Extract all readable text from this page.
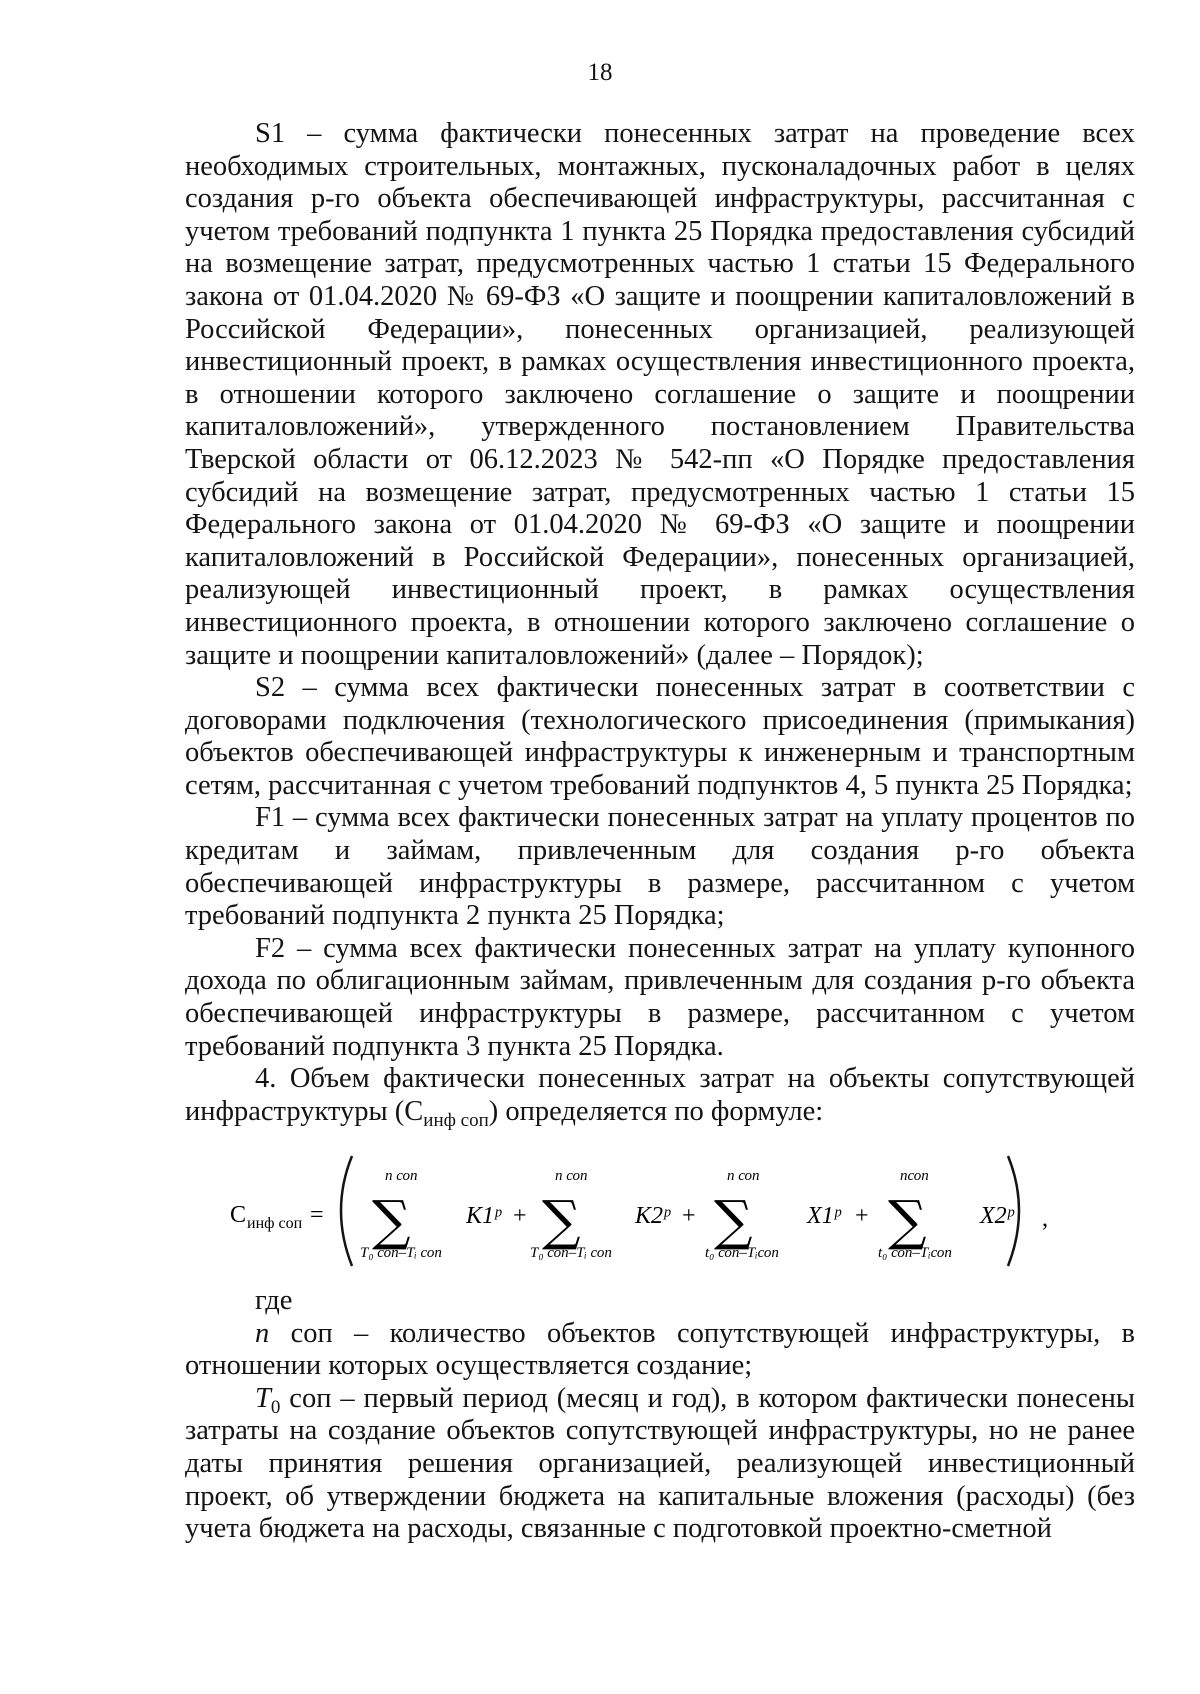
18

S1 – сумма фактически понесенных затрат на проведение всех необходимых строительных, монтажных, пусконаладочных работ в целях создания p-го объекта обеспечивающей инфраструктуры, рассчитанная с учетом требований подпункта 1 пункта 25 Порядка предоставления субсидий на возмещение затрат, предусмотренных частью 1 статьи 15 Федерального закона от 01.04.2020 № 69-ФЗ «О защите и поощрении капиталовложений в Российской Федерации», понесенных организацией, реализующей инвестиционный проект, в рамках осуществления инвестиционного проекта, в отношении которого заключено соглашение о защите и поощрении капиталовложений», утвержденного постановлением Правительства Тверской области от 06.12.2023 № 542-пп «О Порядке предоставления субсидий на возмещение затрат, предусмотренных частью 1 статьи 15 Федерального закона от 01.04.2020 № 69-ФЗ «О защите и поощрении капиталовложений в Российской Федерации», понесенных организацией, реализующей инвестиционный проект, в рамках осуществления инвестиционного проекта, в отношении которого заключено соглашение о защите и поощрении капиталовложений» (далее – Порядок);

S2 – сумма всех фактически понесенных затрат в соответствии с договорами подключения (технологического присоединения (примыкания) объектов обеспечивающей инфраструктуры к инженерным и транспортным сетям, рассчитанная с учетом требований подпунктов 4, 5 пункта 25 Порядка;

F1 – сумма всех фактически понесенных затрат на уплату процентов по кредитам и займам, привлеченным для создания p-го объекта обеспечивающей инфраструктуры в размере, рассчитанном с учетом требований подпункта 2 пункта 25 Порядка;

F2 – сумма всех фактически понесенных затрат на уплату купонного дохода по облигационным займам, привлеченным для создания p-го объекта обеспечивающей инфраструктуры в размере, рассчитанном с учетом требований подпункта 3 пункта 25 Порядка.

4. Объем фактически понесенных затрат на объекты сопутствующей инфраструктуры $(С_{инф соп})$ определяется по формуле:

С инф соп =
n соп
∑
T₀ соп–Tᵢ соп
K1ᵖ +
n соп
∑
T₀ соп–Tᵢ соп
K2ᵖ +
n соп
∑
t₀ соп–Tᵢсоп
X1ᵖ +
nсоп
∑
t₀ соп–Tᵢсоп
X2ᵖ ,

где

n соп – количество объектов сопутствующей инфраструктуры, в отношении которых осуществляется создание;

$T_0$ соп – первый период (месяц и год), в котором фактически понесены затраты на создание объектов сопутствующей инфраструктуры, но не ранее даты принятия решения организацией, реализующей инвестиционный проект, об утверждении бюджета на капитальные вложения (расходы) (без учета бюджета на расходы, связанные с подготовкой проектно-сметной
